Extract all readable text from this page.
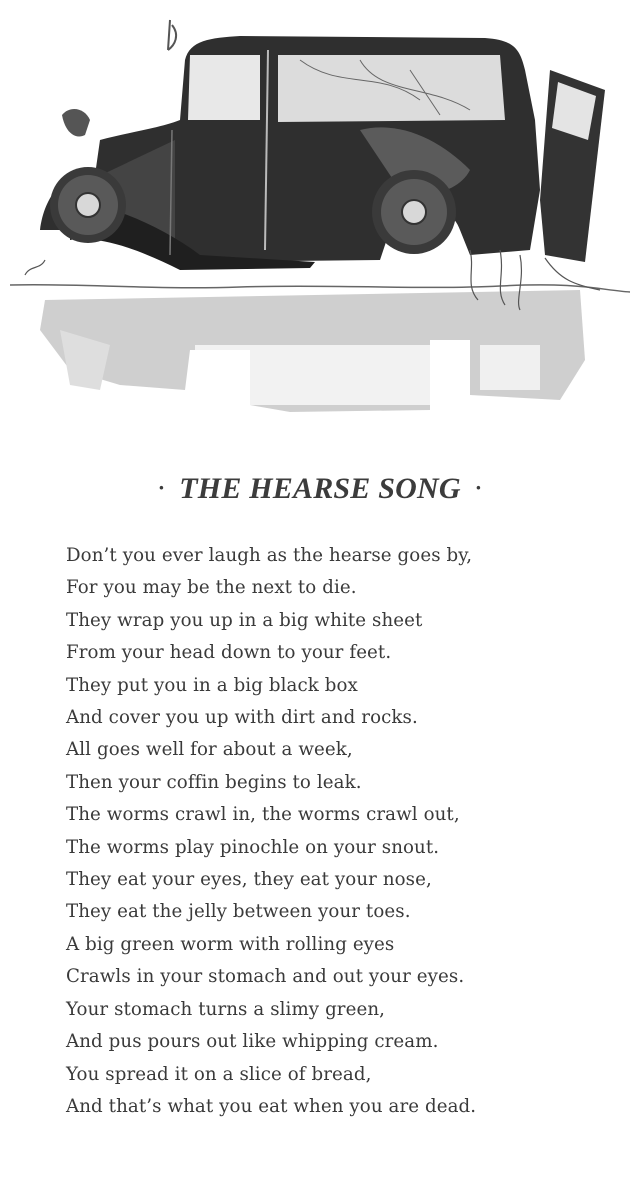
· THE HEARSE SONG ·
Don’t you ever laugh as the hearse goes by,
For you may be the next to die.
They wrap you up in a big white sheet
From your head down to your feet.
They put you in a big black box
And cover you up with dirt and rocks.
All goes well for about a week,
Then your coffin begins to leak.
The worms crawl in, the worms crawl out,
The worms play pinochle on your snout.
They eat your eyes, they eat your nose,
They eat the jelly between your toes.
A big green worm with rolling eyes
Crawls in your stomach and out your eyes.
Your stomach turns a slimy green,
And pus pours out like whipping cream.
You spread it on a slice of bread,
And that’s what you eat when you are dead.
